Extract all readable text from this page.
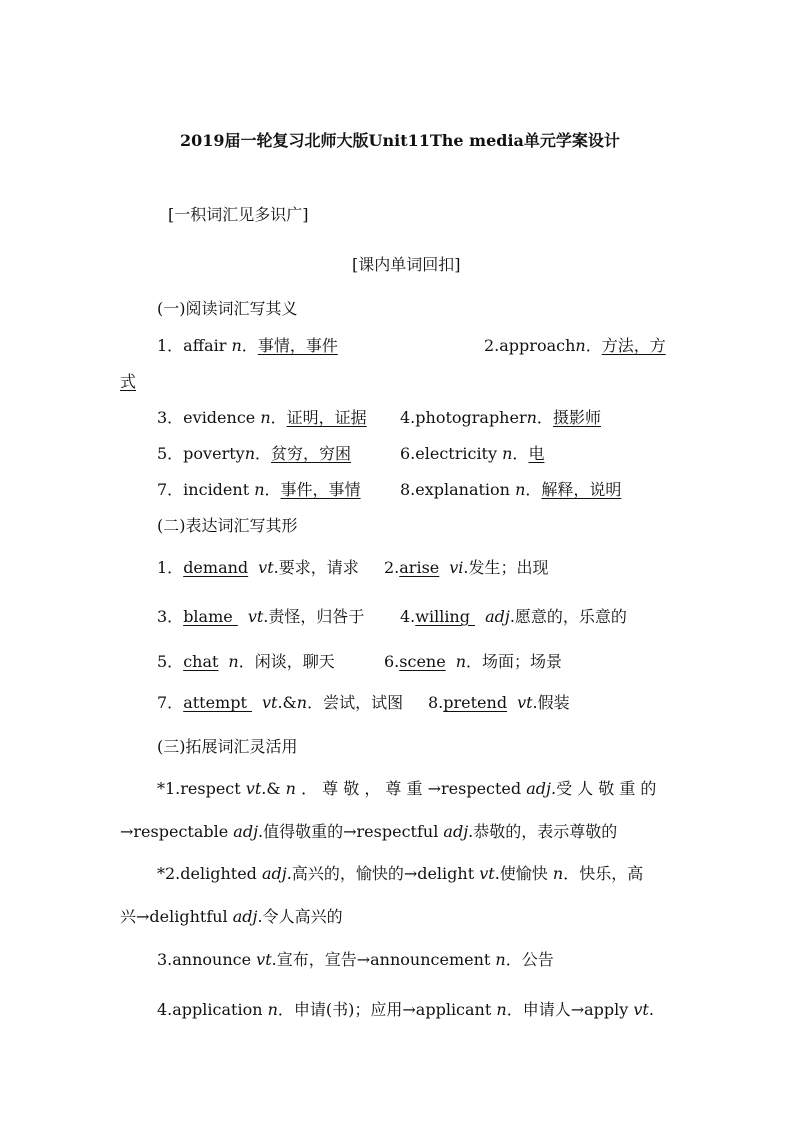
2019届一轮复习北师大版Unit11The media单元学案设计
[一积词汇见多识广]
[课内单词回扣]
(一)阅读词汇写其义
1．affair n．事情，事件	2.approachn．方法，方
式
3．evidence n．证明，证据 4.photographern．摄影师
5．povertyn．贫穷，穷困	6.electricity n．电
7．incident n．事件，事情 8.explanation n．解释，说明
(二)表达词汇写其形
1．demand vt.要求，请求 2.arise vi.发生；出现
3．blame vt.责怪，归咎于 4.willing adj.愿意的，乐意的
5．chat n．闲谈，聊天	6.scene n．场面；场景
7．attempt vt.&n．尝试，试图 8.pretend vt.假装
(三)拓展词汇灵活用
*1.respect vt.& n ． 尊 敬 ， 尊 重 →respected adj.受 人 敬 重 的
→respectable adj.值得敬重的→respectful adj.恭敬的，表示尊敬的
*2.delighted adj.高兴的，愉快的→delight vt.使愉快 n．快乐，高
兴→delightful adj.令人高兴的
3.announce vt.宣布，宣告→announcement n．公告
4.application n．申请(书)；应用→applicant n．申请人→apply vt.
